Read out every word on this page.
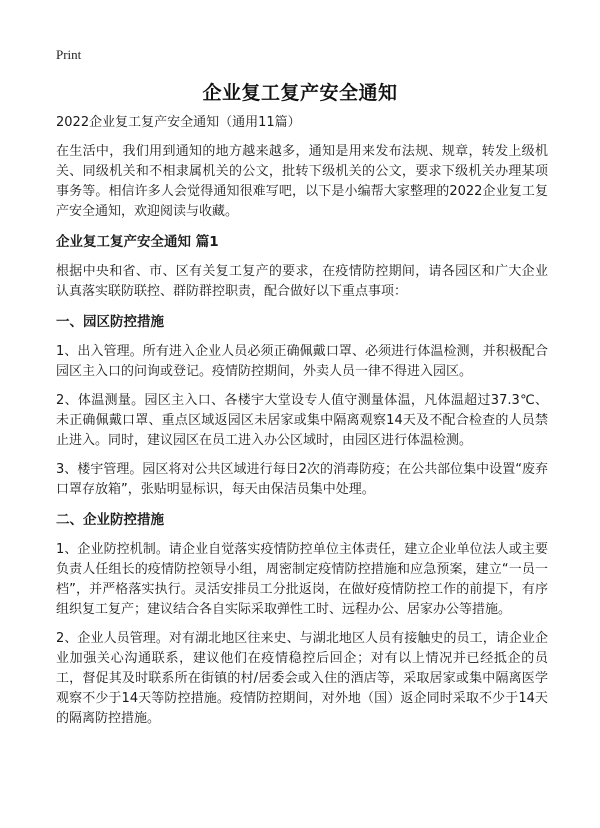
Print
企业复工复产安全通知
2022企业复工复产安全通知（通用11篇）

在生活中，我们用到通知的地方越来越多，通知是用来发布法规、规章，转发上级机关、同级机关和不相隶属机关的公文，批转下级机关的公文，要求下级机关办理某项事务等。相信许多人会觉得通知很难写吧，以下是小编帮大家整理的2022企业复工复产安全通知，欢迎阅读与收藏。

企业复工复产安全通知 篇1

根据中央和省、市、区有关复工复产的要求，在疫情防控期间，请各园区和广大企业认真落实联防联控、群防群控职责，配合做好以下重点事项：

一、园区防控措施

1、出入管理。所有进入企业人员必须正确佩戴口罩、必须进行体温检测，并积极配合园区主入口的问询或登记。疫情防控期间，外卖人员一律不得进入园区。

2、体温测量。园区主入口、各楼宇大堂设专人值守测量体温，凡体温超过37.3℃、未正确佩戴口罩、重点区域返园区未居家或集中隔离观察14天及不配合检查的人员禁止进入。同时，建议园区在员工进入办公区域时，由园区进行体温检测。

3、楼宇管理。园区将对公共区域进行每日2次的消毒防疫；在公共部位集中设置“废弃口罩存放箱”，张贴明显标识，每天由保洁员集中处理。

二、企业防控措施

1、企业防控机制。请企业自觉落实疫情防控单位主体责任，建立企业单位法人或主要负责人任组长的疫情防控领导小组，周密制定疫情防控措施和应急预案，建立“一员一档”，并严格落实执行。灵活安排员工分批返岗，在做好疫情防控工作的前提下，有序组织复工复产；建议结合各自实际采取弹性工时、远程办公、居家办公等措施。

2、企业人员管理。对有湖北地区往来史、与湖北地区人员有接触史的员工，请企业企业加强关心沟通联系，建议他们在疫情稳控后回企；对有以上情况并已经抵企的员工，督促其及时联系所在街镇的村/居委会或入住的酒店等，采取居家或集中隔离医学观察不少于14天等防控措施。疫情防控期间，对外地（国）返企同时采取不少于14天的隔离防控措施。
